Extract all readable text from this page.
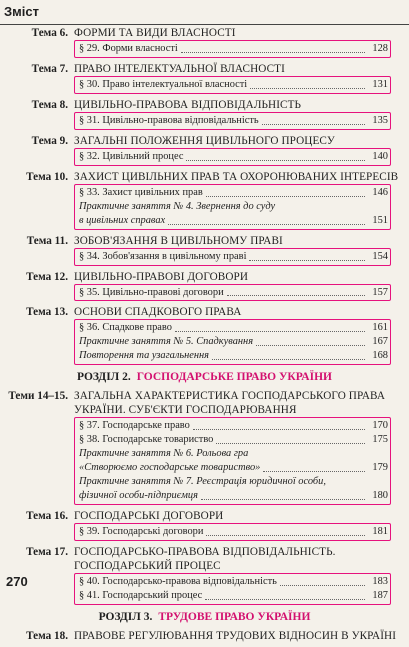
Зміст
Тема 6. ФОРМИ ТА ВИДИ ВЛАСНОСТІ
§ 29. Форми власності	128
Тема 7. ПРАВО ІНТЕЛЕКТУАЛЬНОЇ ВЛАСНОСТІ
§ 30. Право інтелектуальної власності	131
Тема 8. ЦИВІЛЬНО-ПРАВОВА ВІДПОВІДАЛЬНІСТЬ
§ 31. Цивільно-правова відповідальність	135
Тема 9. ЗАГАЛЬНІ ПОЛОЖЕННЯ ЦИВІЛЬНОГО ПРОЦЕСУ
§ 32. Цивільний процес	140
Тема 10. ЗАХИСТ ЦИВІЛЬНИХ ПРАВ ТА ОХОРОНЮВАНИХ ІНТЕРЕСІВ
§ 33. Захист цивільних прав	146
Практичне заняття № 4. Звернення до суду
в цивільних справах	151
Тема 11. ЗОБОВ'ЯЗАННЯ В ЦИВІЛЬНОМУ ПРАВІ
§ 34. Зобов'язання в цивільному праві	154
Тема 12. ЦИВІЛЬНО-ПРАВОВІ ДОГОВОРИ
§ 35. Цивільно-правові договори	157
Тема 13. ОСНОВИ СПАДКОВОГО ПРАВА
§ 36. Спадкове право	161
Практичне заняття № 5. Спадкування	167
Повторення та узагальнення	168
РОЗДІЛ 2. ГОСПОДАРСЬКЕ ПРАВО УКРАЇНИ
Теми 14–15. ЗАГАЛЬНА ХАРАКТЕРИСТИКА ГОСПОДАРСЬКОГО ПРАВА УКРАЇНИ. СУБ'ЄКТИ ГОСПОДАРЮВАННЯ
§ 37. Господарське право	170
§ 38. Господарське товариство	175
Практичне заняття № 6. Рольова гра
«Створюємо господарське товариство»	179
Практичне заняття № 7. Реєстрація юридичної особи,
фізичної особи-підприємця	180
Тема 16. ГОСПОДАРСЬКІ ДОГОВОРИ
§ 39. Господарські договори	181
Тема 17. ГОСПОДАРСЬКО-ПРАВОВА ВІДПОВІДАЛЬНІСТЬ. ГОСПОДАРСЬКИЙ ПРОЦЕС
§ 40. Господарсько-правова відповідальність	183
§ 41. Господарський процес	187
РОЗДІЛ 3. ТРУДОВЕ ПРАВО УКРАЇНИ
Тема 18. ПРАВОВЕ РЕГУЛЮВАННЯ ТРУДОВИХ ВІДНОСИН В УКРАЇНІ
270
